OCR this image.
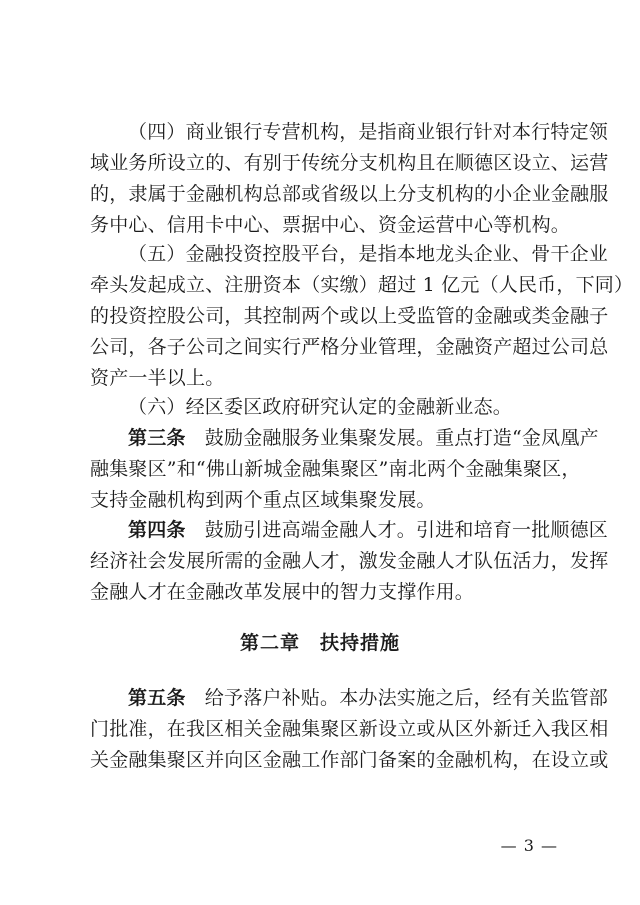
（四）商业银行专营机构，是指商业银行针对本行特定领
域业务所设立的、有别于传统分支机构且在顺德区设立、运营
的，隶属于金融机构总部或省级以上分支机构的小企业金融服
务中心、信用卡中心、票据中心、资金运营中心等机构。
（五）金融投资控股平台，是指本地龙头企业、骨干企业
牵头发起成立、注册资本（实缴）超过 1 亿元（人民币，下同）
的投资控股公司，其控制两个或以上受监管的金融或类金融子
公司，各子公司之间实行严格分业管理，金融资产超过公司总
资产一半以上。
（六）经区委区政府研究认定的金融新业态。
第三条　鼓励金融服务业集聚发展。重点打造“金凤凰产
融集聚区”和“佛山新城金融集聚区”南北两个金融集聚区，
支持金融机构到两个重点区域集聚发展。
第四条　鼓励引进高端金融人才。引进和培育一批顺德区
经济社会发展所需的金融人才，激发金融人才队伍活力，发挥
金融人才在金融改革发展中的智力支撑作用。
第二章　扶持措施
第五条　给予落户补贴。本办法实施之后，经有关监管部
门批准，在我区相关金融集聚区新设立或从区外新迁入我区相
关金融集聚区并向区金融工作部门备案的金融机构，在设立或
— 3 —
